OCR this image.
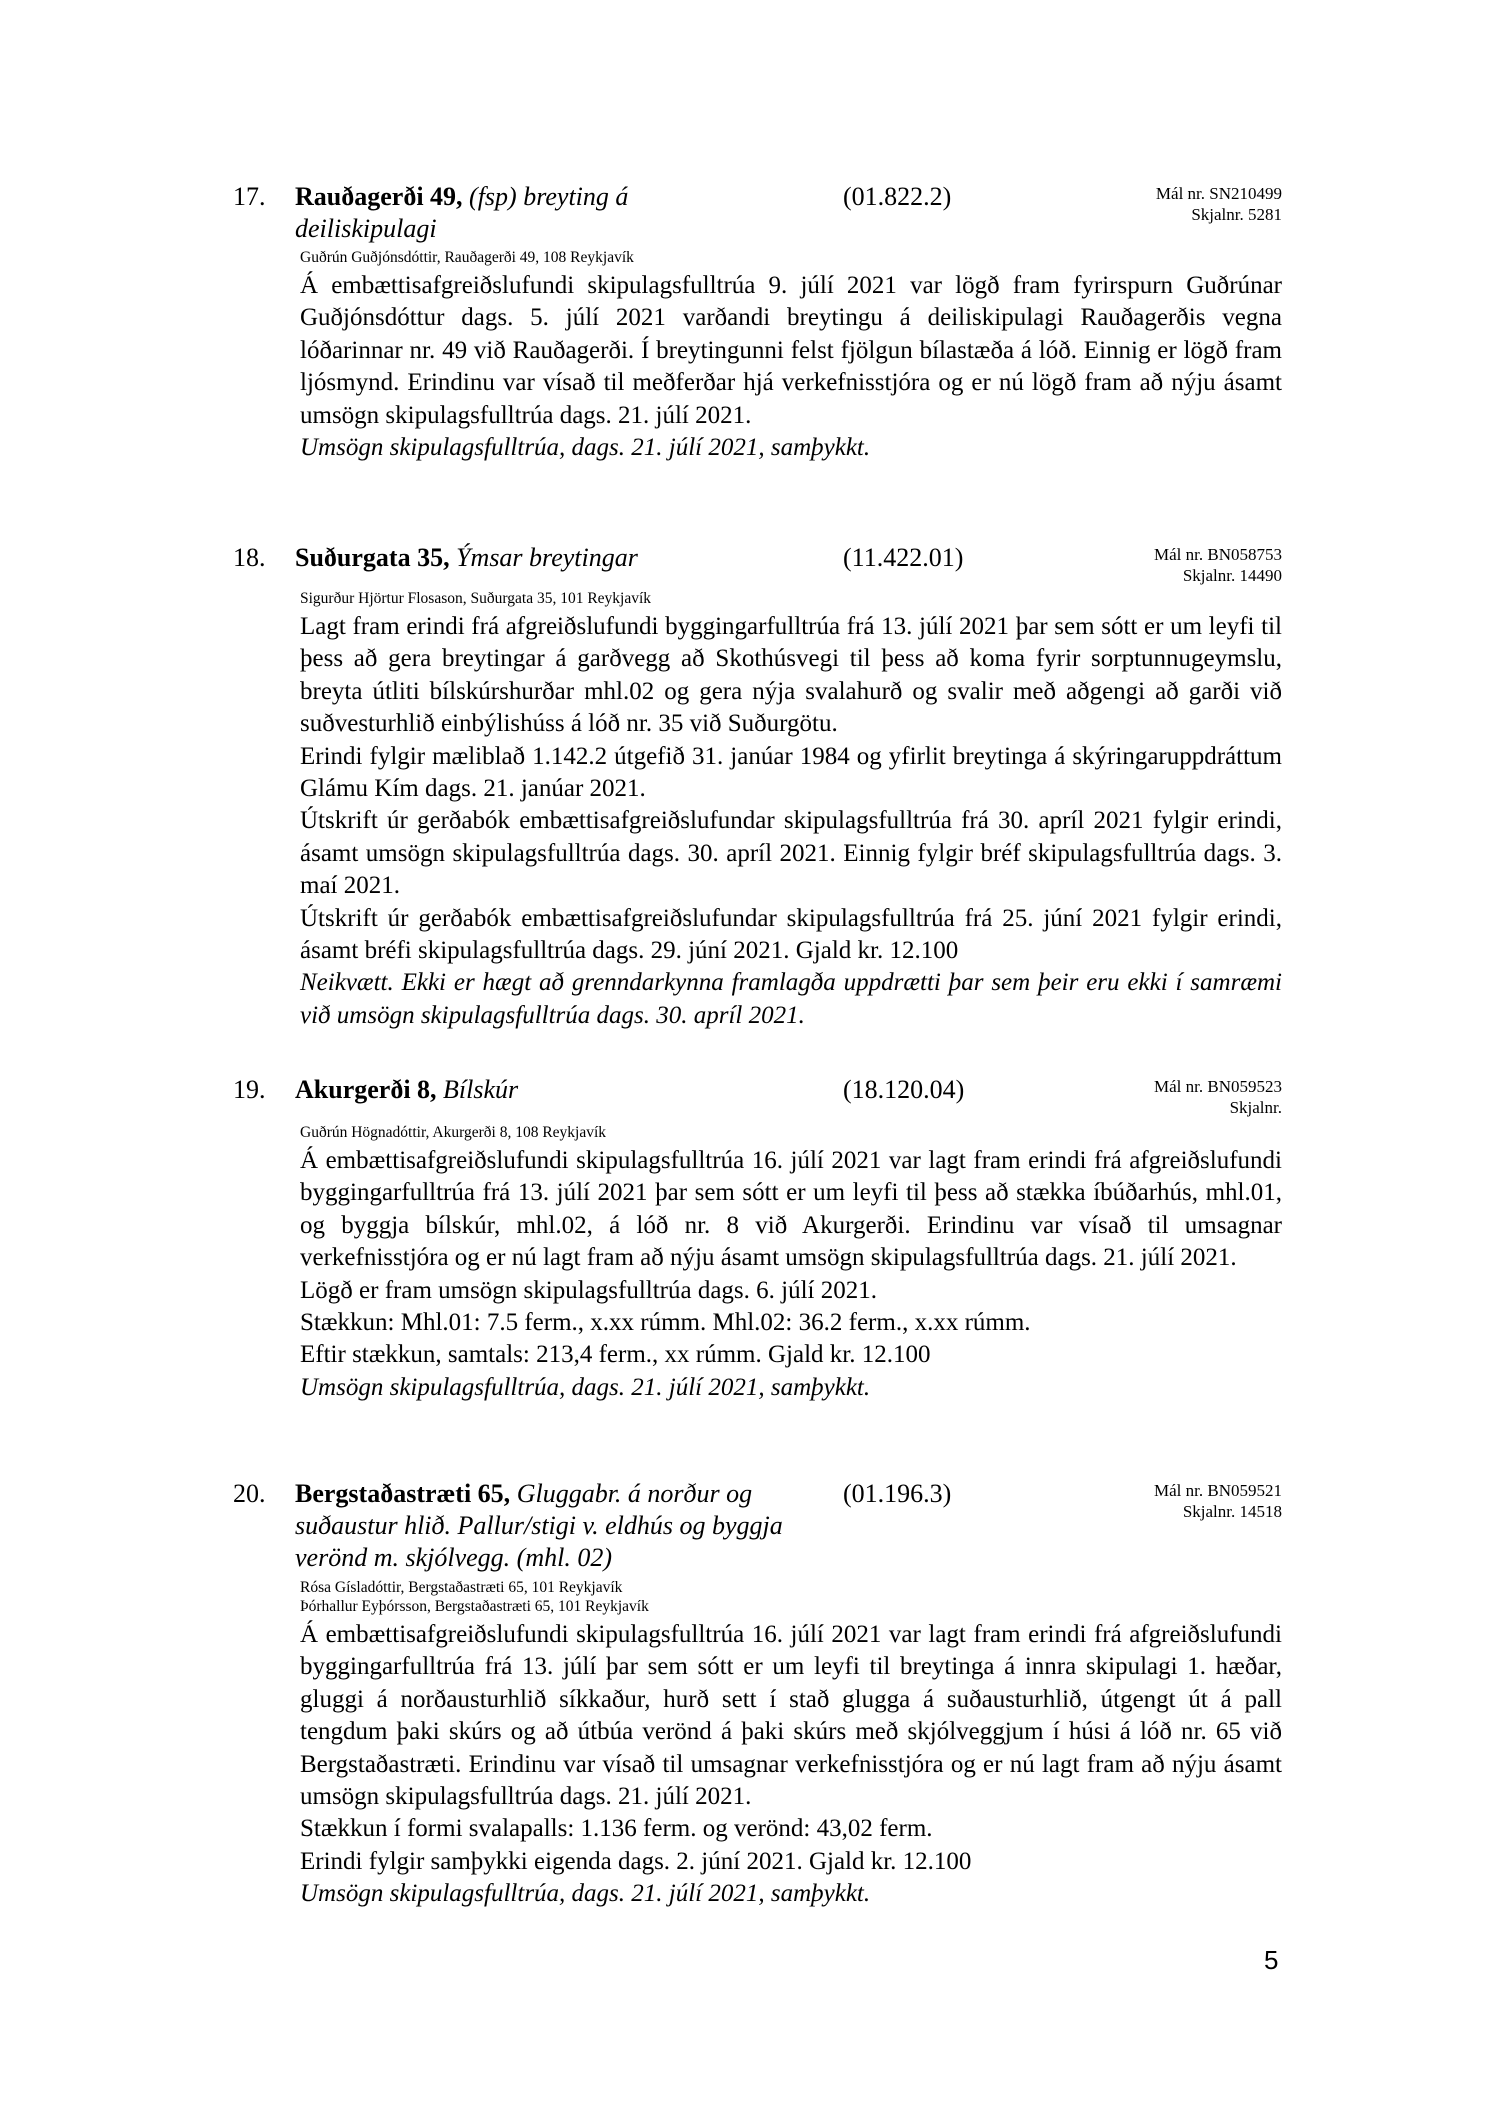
17. Rauðagerði 49, (fsp) breyting á deiliskipulagi
(01.822.2)	Mál nr. SN210499
Skjalnr. 5281
Guðrún Guðjónsdóttir, Rauðagerði 49, 108 Reykjavík

Á embættisafgreiðslufundi skipulagsfulltrúa 9. júlí 2021 var lögð fram fyrirspurn Guðrúnar Guðjónsdóttur dags. 5. júlí 2021 varðandi breytingu á deiliskipulagi Rauðagerðis vegna lóðarinnar nr. 49 við Rauðagerði. Í breytingunni felst fjölgun bílastæða á lóð. Einnig er lögð fram ljósmynd. Erindinu var vísað til meðferðar hjá verkefnisstjóra og er nú lögð fram að nýju ásamt umsögn skipulagsfulltrúa dags. 21. júlí 2021.

Umsögn skipulagsfulltrúa, dags. 21. júlí 2021, samþykkt.

18. Suðurgata 35, Ýmsar breytingar	(11.422.01)	Mál nr. BN058753
Skjalnr. 14490
Sigurður Hjörtur Flosason, Suðurgata 35, 101 Reykjavík

Lagt fram erindi frá afgreiðslufundi byggingarfulltrúa frá 13. júlí 2021 þar sem sótt er um leyfi til þess að gera breytingar á garðvegg að Skothúsvegi til þess að koma fyrir sorptunnugeymslu, breyta útliti bílskúrshurðar mhl.02 og gera nýja svalahurð og svalir með aðgengi að garði við suðvesturhlið einbýlishúss á lóð nr. 35 við Suðurgötu.

Erindi fylgir mæliblað 1.142.2 útgefið 31. janúar 1984 og yfirlit breytinga á skýringaruppdráttum Glámu Kím dags. 21. janúar 2021.

Útskrift úr gerðabók embættisafgreiðslufundar skipulagsfulltrúa frá 30. apríl 2021 fylgir erindi, ásamt umsögn skipulagsfulltrúa dags. 30. apríl 2021. Einnig fylgir bréf skipulagsfulltrúa dags. 3. maí 2021.

Útskrift úr gerðabók embættisafgreiðslufundar skipulagsfulltrúa frá 25. júní 2021 fylgir erindi, ásamt bréfi skipulagsfulltrúa dags. 29. júní 2021. Gjald kr. 12.100

Neikvætt. Ekki er hægt að grenndarkynna framlagða uppdrætti þar sem þeir eru ekki í samræmi við umsögn skipulagsfulltrúa dags. 30. apríl 2021.

19. Akurgerði 8, Bílskúr	(18.120.04)	Mál nr. BN059523
Skjalnr.
Guðrún Högnadóttir, Akurgerði 8, 108 Reykjavík

Á embættisafgreiðslufundi skipulagsfulltrúa 16. júlí 2021 var lagt fram erindi frá afgreiðslufundi byggingarfulltrúa frá 13. júlí 2021 þar sem sótt er um leyfi til þess að stækka íbúðarhús, mhl.01, og byggja bílskúr, mhl.02, á lóð nr. 8 við Akurgerði. Erindinu var vísað til umsagnar verkefnisstjóra og er nú lagt fram að nýju ásamt umsögn skipulagsfulltrúa dags. 21. júlí 2021.

Lögð er fram umsögn skipulagsfulltrúa dags. 6. júlí 2021.

Stækkun: Mhl.01: 7.5 ferm., x.xx rúmm. Mhl.02: 36.2 ferm., x.xx rúmm.

Eftir stækkun, samtals: 213,4 ferm., xx rúmm. Gjald kr. 12.100

Umsögn skipulagsfulltrúa, dags. 21. júlí 2021, samþykkt.

20. Bergstaðastræti 65, Gluggabr. á norður og suðaustur hlið. Pallur/stigi v. eldhús og byggja verönd m. skjólvegg. (mhl. 02)
(01.196.3)	Mál nr. BN059521
Skjalnr. 14518
Rósa Gísladóttir, Bergstaðastræti 65, 101 Reykjavík
Þórhallur Eyþórsson, Bergstaðastræti 65, 101 Reykjavík

Á embættisafgreiðslufundi skipulagsfulltrúa 16. júlí 2021 var lagt fram erindi frá afgreiðslufundi byggingarfulltrúa frá 13. júlí þar sem sótt er um leyfi til breytinga á innra skipulagi 1. hæðar, gluggi á norðausturhlið síkkaður, hurð sett í stað glugga á suðausturhlið, útgengt út á pall tengdum þaki skúrs og að útbúa verönd á þaki skúrs með skjólveggjum í húsi á lóð nr. 65 við Bergstaðastræti. Erindinu var vísað til umsagnar verkefnisstjóra og er nú lagt fram að nýju ásamt umsögn skipulagsfulltrúa dags. 21. júlí 2021.

Stækkun í formi svalapalls: 1.136 ferm. og verönd: 43,02 ferm.

Erindi fylgir samþykki eigenda dags. 2. júní 2021. Gjald kr. 12.100

Umsögn skipulagsfulltrúa, dags. 21. júlí 2021, samþykkt.

5
